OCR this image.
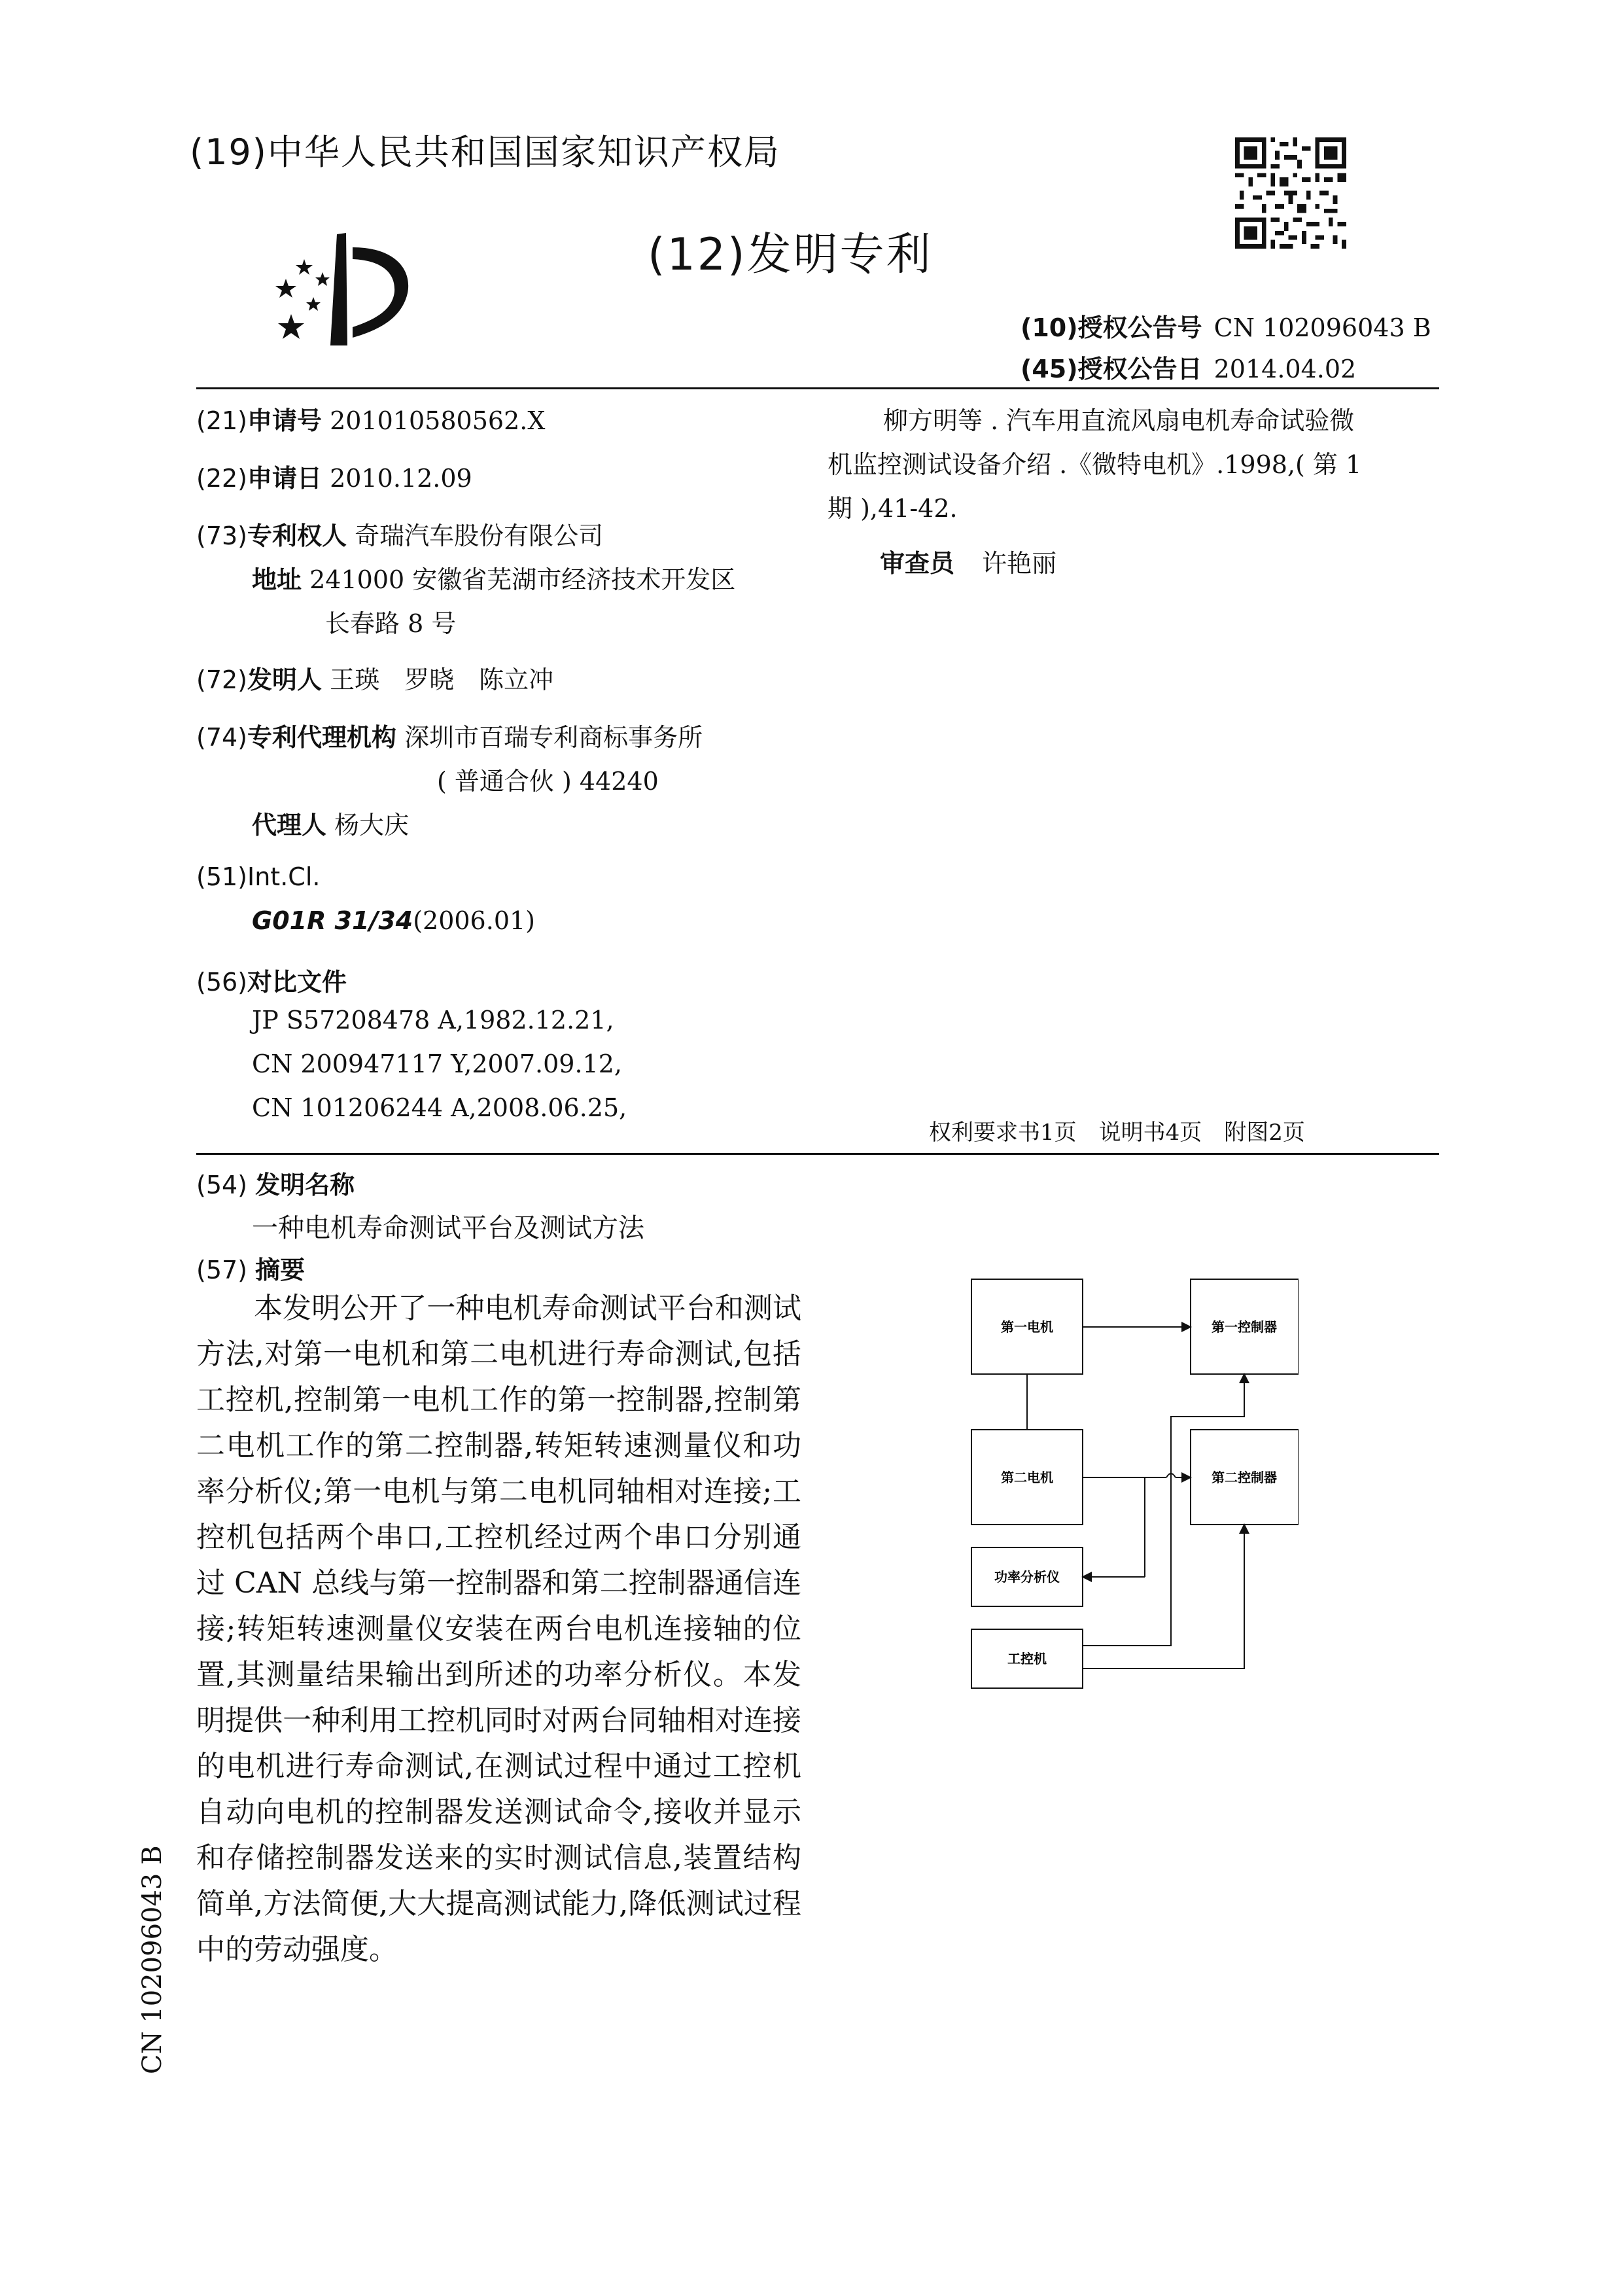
(19)中华人民共和国国家知识产权局
(12)发明专利
(10)授权公告号 CN 102096043 B
(45)授权公告日 2014.04.02
(21)申请号 201010580562.X
(22)申请日 2010.12.09
(73)专利权人 奇瑞汽车股份有限公司
地址 241000 安徽省芜湖市经济技术开发区
长春路 8 号
(72)发明人 王瑛　罗晓　陈立冲
(74)专利代理机构 深圳市百瑞专利商标事务所
( 普通合伙 ) 44240
代理人 杨大庆
(51)Int.Cl.
G01R 31/34(2006.01)
(56)对比文件
JP S57208478 A,1982.12.21,
CN 200947117 Y,2007.09.12,
CN 101206244 A,2008.06.25,
柳方明等 . 汽车用直流风扇电机寿命试验微
机监控测试设备介绍 .《微特电机》.1998,( 第 1
期 ),41-42.
审查员 许艳丽
权利要求书1页　说明书4页　附图2页
(54) 发明名称
一种电机寿命测试平台及测试方法
(57) 摘要
本发明公开了一种电机寿命测试平台和测试方法,对第一电机和第二电机进行寿命测试,包括工控机,控制第一电机工作的第一控制器,控制第二电机工作的第二控制器,转矩转速测量仪和功率分析仪;第一电机与第二电机同轴相对连接;工控机包括两个串口,工控机经过两个串口分别通过 CAN 总线与第一控制器和第二控制器通信连接;转矩转速测量仪安装在两台电机连接轴的位置,其测量结果输出到所述的功率分析仪。本发明提供一种利用工控机同时对两台同轴相对连接的电机进行寿命测试,在测试过程中通过工控机自动向电机的控制器发送测试命令,接收并显示和存储控制器发送来的实时测试信息,装置结构简单,方法简便,大大提高测试能力,降低测试过程中的劳动强度。
第一电机	第一控制器
第二电机	第二控制器
功率分析仪
工控机
CN 102096043 B
